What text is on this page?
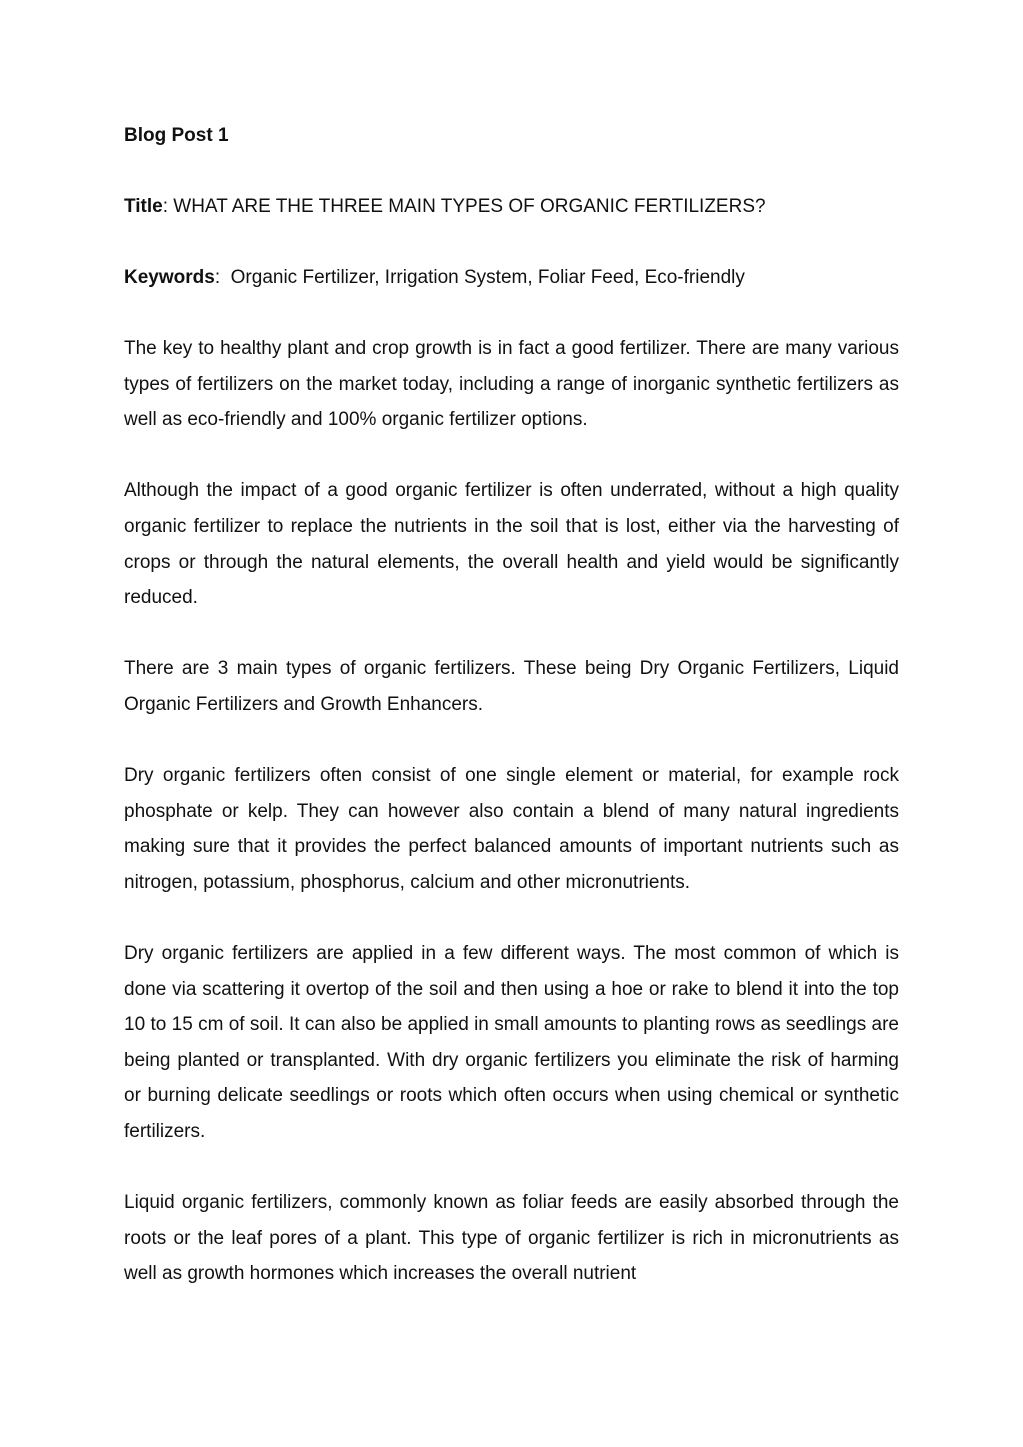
Blog Post 1
Title: WHAT ARE THE THREE MAIN TYPES OF ORGANIC FERTILIZERS?
Keywords:  Organic Fertilizer, Irrigation System, Foliar Feed, Eco-friendly

The key to healthy plant and crop growth is in fact a good fertilizer. There are many various types of fertilizers on the market today, including a range of inorganic synthetic fertilizers as well as eco-friendly and 100% organic fertilizer options.

Although the impact of a good organic fertilizer is often underrated, without a high quality organic fertilizer to replace the nutrients in the soil that is lost, either via the harvesting of crops or through the natural elements, the overall health and yield would be significantly reduced.

There are 3 main types of organic fertilizers. These being Dry Organic Fertilizers, Liquid Organic Fertilizers and Growth Enhancers.

Dry organic fertilizers often consist of one single element or material, for example rock phosphate or kelp. They can however also contain a blend of many natural ingredients making sure that it provides the perfect balanced amounts of important nutrients such as nitrogen, potassium, phosphorus, calcium and other micronutrients.

Dry organic fertilizers are applied in a few different ways. The most common of which is done via scattering it overtop of the soil and then using a hoe or rake to blend it into the top 10 to 15 cm of soil. It can also be applied in small amounts to planting rows as seedlings are being planted or transplanted. With dry organic fertilizers you eliminate the risk of harming or burning delicate seedlings or roots which often occurs when using chemical or synthetic fertilizers.

Liquid organic fertilizers, commonly known as foliar feeds are easily absorbed through the roots or the leaf pores of a plant. This type of organic fertilizer is rich in micronutrients as well as growth hormones which increases the overall nutrient
